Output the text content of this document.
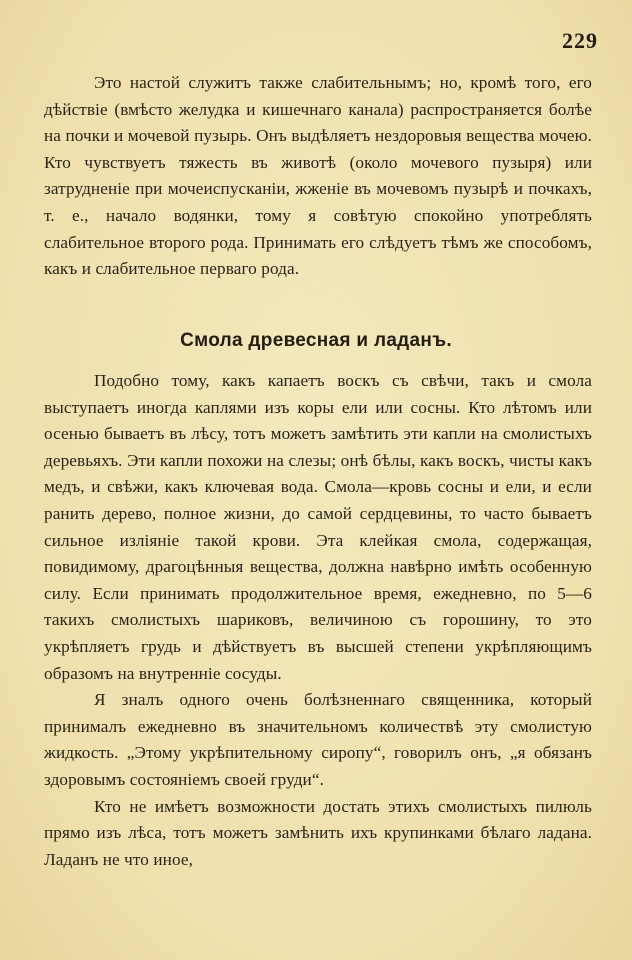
229

Это настой служитъ также слабительнымъ; но, кромѣ того, его дѣйствіе (вмѣсто желудка и кишечнаго канала) распространяется болѣе на почки и мочевой пузырь. Онъ выдѣляетъ нездоровыя вещества мочею. Кто чувствуетъ тяжесть въ животѣ (около мочевого пузыря) или затрудненіе при мочеиспусканіи, жженіе въ мочевомъ пузырѣ и почкахъ, т. е., начало водянки, тому я совѣтую спокойно употреблять слабительное второго рода. Принимать его слѣдуетъ тѣмъ же способомъ, какъ и слабительное перваго рода.

Смола древесная и ладанъ.

Подобно тому, какъ капаетъ воскъ съ свѣчи, такъ и смола выступаетъ иногда каплями изъ коры ели или сосны. Кто лѣтомъ или осенью бываетъ въ лѣсу, тотъ можетъ замѣтить эти капли на смолистыхъ деревьяхъ. Эти капли похожи на слезы; онѣ бѣлы, какъ воскъ, чисты какъ медъ, и свѣжи, какъ ключевая вода. Смола—кровь сосны и ели, и если ранить дерево, полное жизни, до самой сердцевины, то часто бываетъ сильное изліяніе такой крови. Эта клейкая смола, содержащая, повидимому, драгоцѣнныя вещества, должна навѣрно имѣть особенную силу. Если принимать продолжительное время, ежедневно, по 5—6 такихъ смолистыхъ шариковъ, величиною съ горошину, то это укрѣпляетъ грудь и дѣйствуетъ въ высшей степени укрѣпляющимъ образомъ на внутренніе сосуды.

Я зналъ одного очень болѣзненнаго священника, который принималъ ежедневно въ значительномъ количествѣ эту смолистую жидкость. „Этому укрѣпительному сиропу“, говорилъ онъ, „я обязанъ здоровымъ состояніемъ своей груди“.

Кто не имѣетъ возможности достать этихъ смолистыхъ пилюль прямо изъ лѣса, тотъ можетъ замѣнить ихъ крупинками бѣлаго ладана. Ладанъ не что иное,
